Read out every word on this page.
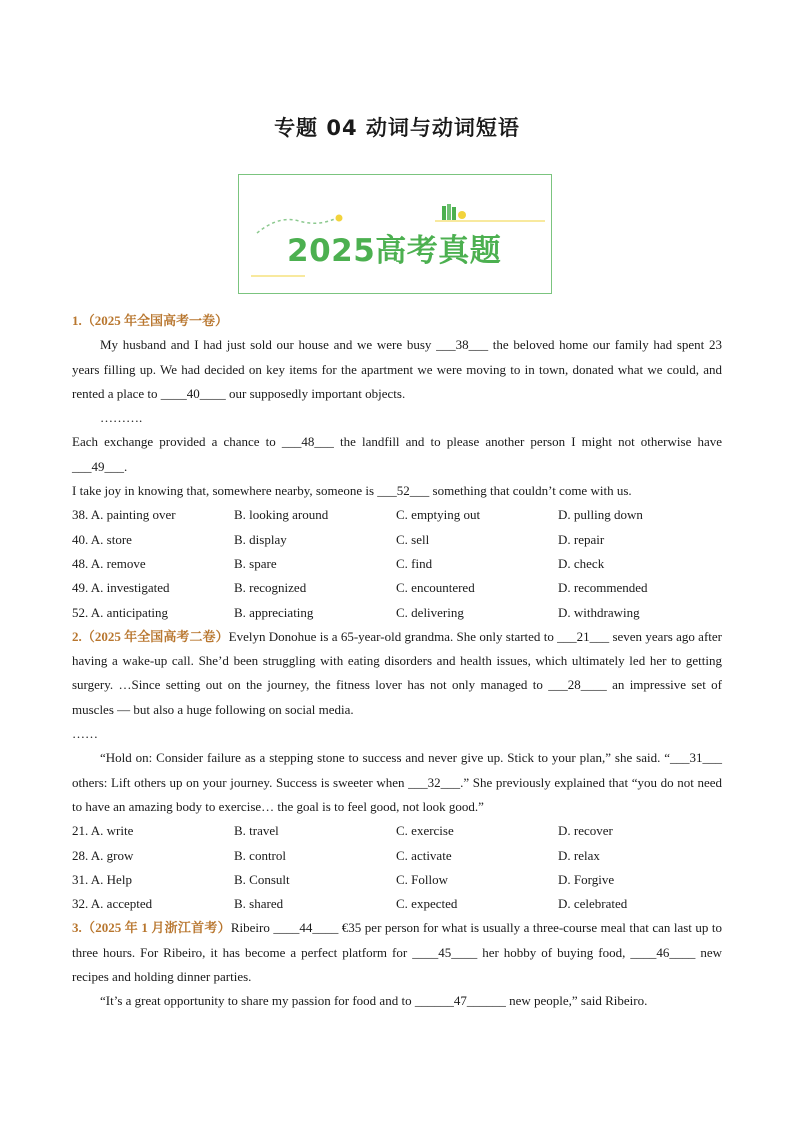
专题 04 动词与动词短语
2025高考真题

1.（2025 年全国高考一卷）

My husband and I had just sold our house and we were busy ___38___ the beloved home our family had spent 23 years filling up. We had decided on key items for the apartment we were moving to in town, donated what we could, and rented a place to ____40____ our supposedly important objects.

……….

Each exchange provided a chance to ___48___ the landfill and to please another person I might not otherwise have ___49___.

I take joy in knowing that, somewhere nearby, someone is ___52___ something that couldn’t come with us.

38. A. painting over	B. looking around	C. emptying out	D. pulling down
40. A. store	B. display	C. sell	D. repair
48. A. remove	B. spare	C. find	D. check
49. A. investigated	B. recognized	C. encountered	D. recommended
52. A. anticipating	B. appreciating	C. delivering	D. withdrawing

2.（2025 年全国高考二卷）Evelyn Donohue is a 65-year-old grandma. She only started to ___21___ seven years ago after having a wake-up call. She’d been struggling with eating disorders and health issues, which ultimately led her to getting surgery. …Since setting out on the journey, the fitness lover has not only managed to ___28____ an impressive set of muscles — but also a huge following on social media.

……

“Hold on: Consider failure as a stepping stone to success and never give up. Stick to your plan,” she said. “___31___ others: Lift others up on your journey. Success is sweeter when ___32___.” She previously explained that “you do not need to have an amazing body to exercise… the goal is to feel good, not look good.”

21. A. write	B. travel	C. exercise	D. recover
28. A. grow	B. control	C. activate	D. relax
31. A. Help	B. Consult	C. Follow	D. Forgive
32. A. accepted	B. shared	C. expected	D. celebrated

3.（2025 年 1 月浙江首考）Ribeiro ____44____ €35 per person for what is usually a three-course meal that can last up to three hours. For Ribeiro, it has become a perfect platform for ____45____ her hobby of buying food, ____46____ new recipes and holding dinner parties.

“It’s a great opportunity to share my passion for food and to ______47______ new people,” said Ribeiro.
